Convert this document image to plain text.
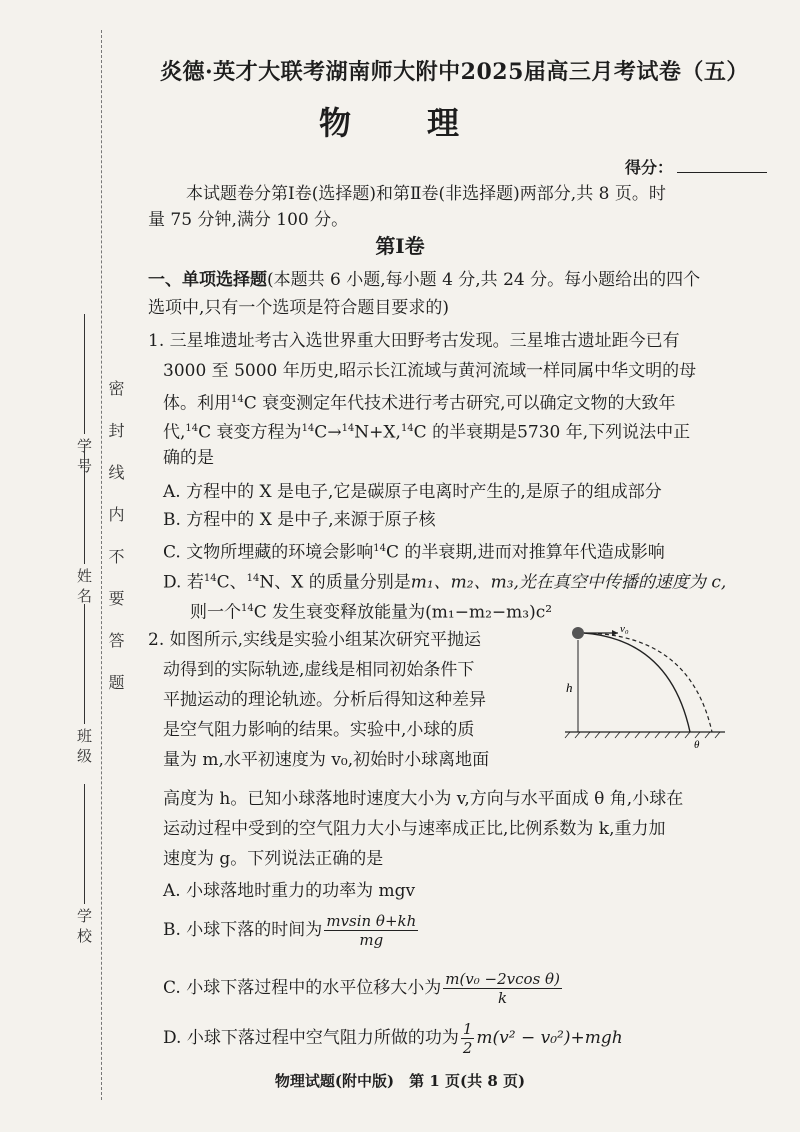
学 号
姓 名
班 级
学 校
密封线内不要答题
炎德·英才大联考湖南师大附中2025届高三月考试卷（五）
物　理
得分：
本试题卷分第Ⅰ卷(选择题)和第Ⅱ卷(非选择题)两部分,共 8 页。时
量 75 分钟,满分 100 分。
第Ⅰ卷
一、单项选择题(本题共 6 小题,每小题 4 分,共 24 分。每小题给出的四个
选项中,只有一个选项是符合题目要求的)
1. 三星堆遗址考古入选世界重大田野考古发现。三星堆古遗址距今已有
3000 至 5000 年历史,昭示长江流域与黄河流域一样同属中华文明的母
体。利用$^{14}$C 衰变测定年代技术进行考古研究,可以确定文物的大致年
代,$^{14}$C 衰变方程为$^{14}$C→$^{14}$N+X,$^{14}$C 的半衰期是5730 年,下列说法中正
确的是
A. 方程中的 X 是电子,它是碳原子电离时产生的,是原子的组成部分
B. 方程中的 X 是中子,来源于原子核
C. 文物所埋藏的环境会影响$^{14}$C 的半衰期,进而对推算年代造成影响
D. 若$^{14}$C、$^{14}$N、X 的质量分别是m₁、m₂、m₃,光在真空中传播的速度为 c,
则一个$^{14}$C 发生衰变释放能量为(m₁−m₂−m₃)c²
2. 如图所示,实线是实验小组某次研究平抛运
动得到的实际轨迹,虚线是相同初始条件下
平抛运动的理论轨迹。分析后得知这种差异
是空气阻力影响的结果。实验中,小球的质
量为 m,水平初速度为 v₀,初始时小球离地面
高度为 h。已知小球落地时速度大小为 v,方向与水平面成 θ 角,小球在
运动过程中受到的空气阻力大小与速率成正比,比例系数为 k,重力加
速度为 g。下列说法正确的是
v₀
h
θ
A. 小球落地时重力的功率为 mgv
B. 小球下落的时间为 $\frac{\text{mvsin θ+kh}}{mg}$
C. 小球下落过程中的水平位移大小为 $\frac{\text{m(v₀ −2vcos θ)}}{k}$
D. 小球下落过程中空气阻力所做的功为 $\frac{1}{2} m(v^2 - v_0^2)+mgh$
物理试题(附中版)　第 1 页(共 8 页)
